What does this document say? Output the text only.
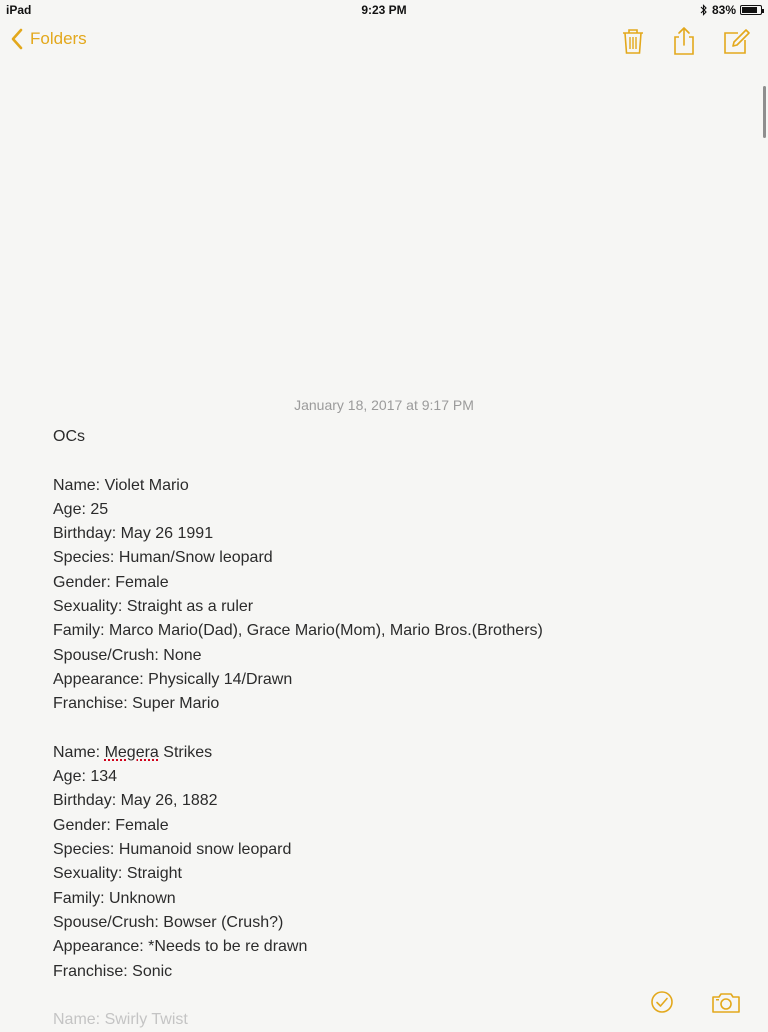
iPad	9:23 PM	83%
Folders
January 18, 2017 at 9:17 PM
OCs
Name: Violet Mario
Age: 25
Birthday: May 26 1991
Species: Human/Snow leopard
Gender: Female
Sexuality: Straight as a ruler
Family: Marco Mario(Dad), Grace Mario(Mom), Mario Bros.(Brothers)
Spouse/Crush: None
Appearance: Physically 14/Drawn
Franchise: Super Mario
Name: Megera Strikes
Age: 134
Birthday: May 26, 1882
Gender: Female
Species: Humanoid snow leopard
Sexuality: Straight
Family: Unknown
Spouse/Crush: Bowser (Crush?)
Appearance: *Needs to be re drawn
Franchise: Sonic
Name: Swirly Twist
